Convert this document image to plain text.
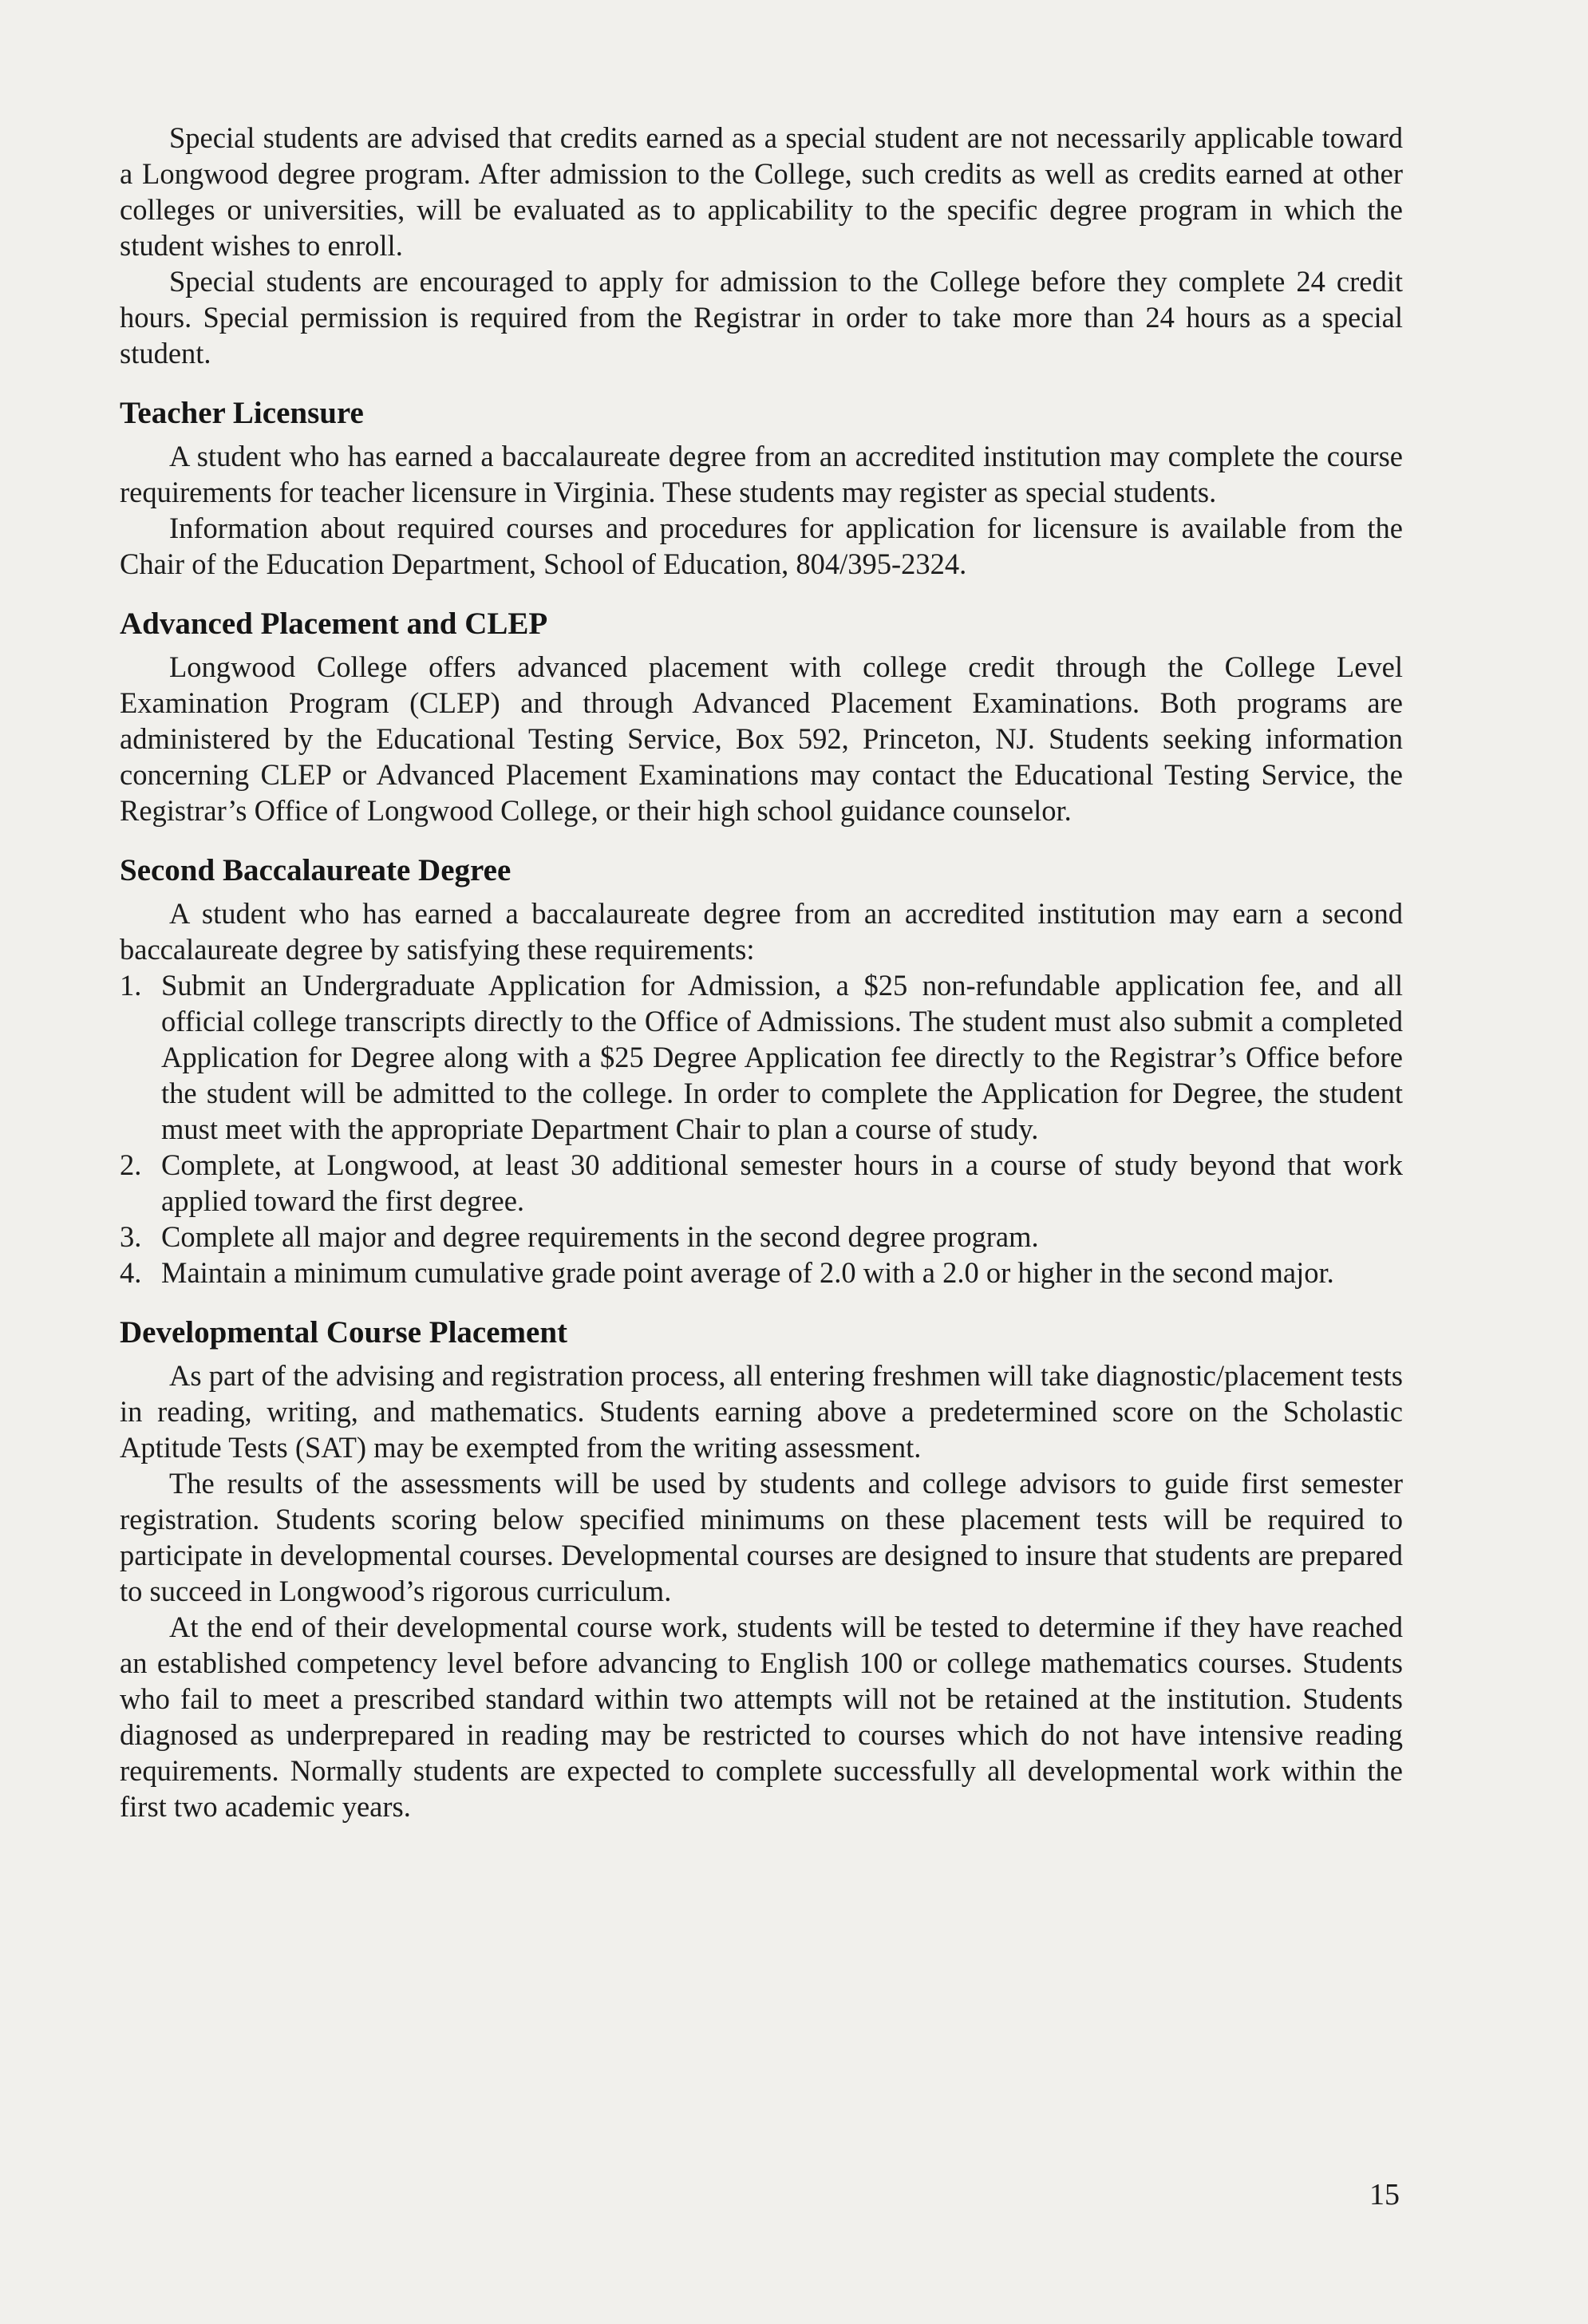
Special students are advised that credits earned as a special student are not necessarily applicable toward a Longwood degree program. After admission to the College, such credits as well as credits earned at other colleges or universities, will be evaluated as to applicability to the specific degree program in which the student wishes to enroll.

Special students are encouraged to apply for admission to the College before they complete 24 credit hours. Special permission is required from the Registrar in order to take more than 24 hours as a special student.

Teacher Licensure

A student who has earned a baccalaureate degree from an accredited institution may complete the course requirements for teacher licensure in Virginia. These students may register as special students.

Information about required courses and procedures for application for licensure is available from the Chair of the Education Department, School of Education, 804/395-2324.

Advanced Placement and CLEP

Longwood College offers advanced placement with college credit through the College Level Examination Program (CLEP) and through Advanced Placement Examinations. Both programs are administered by the Educational Testing Service, Box 592, Princeton, NJ. Students seeking information concerning CLEP or Advanced Placement Examinations may contact the Educational Testing Service, the Registrar’s Office of Longwood College, or their high school guidance counselor.

Second Baccalaureate Degree

A student who has earned a baccalaureate degree from an accredited institution may earn a second baccalaureate degree by satisfying these requirements:

1. Submit an Undergraduate Application for Admission, a $25 non-refundable application fee, and all official college transcripts directly to the Office of Admissions. The student must also submit a completed Application for Degree along with a $25 Degree Application fee directly to the Registrar’s Office before the student will be admitted to the college. In order to complete the Application for Degree, the student must meet with the appropriate Department Chair to plan a course of study.
2. Complete, at Longwood, at least 30 additional semester hours in a course of study beyond that work applied toward the first degree.
3. Complete all major and degree requirements in the second degree program.
4. Maintain a minimum cumulative grade point average of 2.0 with a 2.0 or higher in the second major.
Developmental Course Placement

As part of the advising and registration process, all entering freshmen will take diagnostic/placement tests in reading, writing, and mathematics. Students earning above a predetermined score on the Scholastic Aptitude Tests (SAT) may be exempted from the writing assessment.

The results of the assessments will be used by students and college advisors to guide first semester registration. Students scoring below specified minimums on these placement tests will be required to participate in developmental courses. Developmental courses are designed to insure that students are prepared to succeed in Longwood’s rigorous curriculum.

At the end of their developmental course work, students will be tested to determine if they have reached an established competency level before advancing to English 100 or college mathematics courses. Students who fail to meet a prescribed standard within two attempts will not be retained at the institution. Students diagnosed as underprepared in reading may be restricted to courses which do not have intensive reading requirements. Normally students are expected to complete successfully all developmental work within the first two academic years.

15
